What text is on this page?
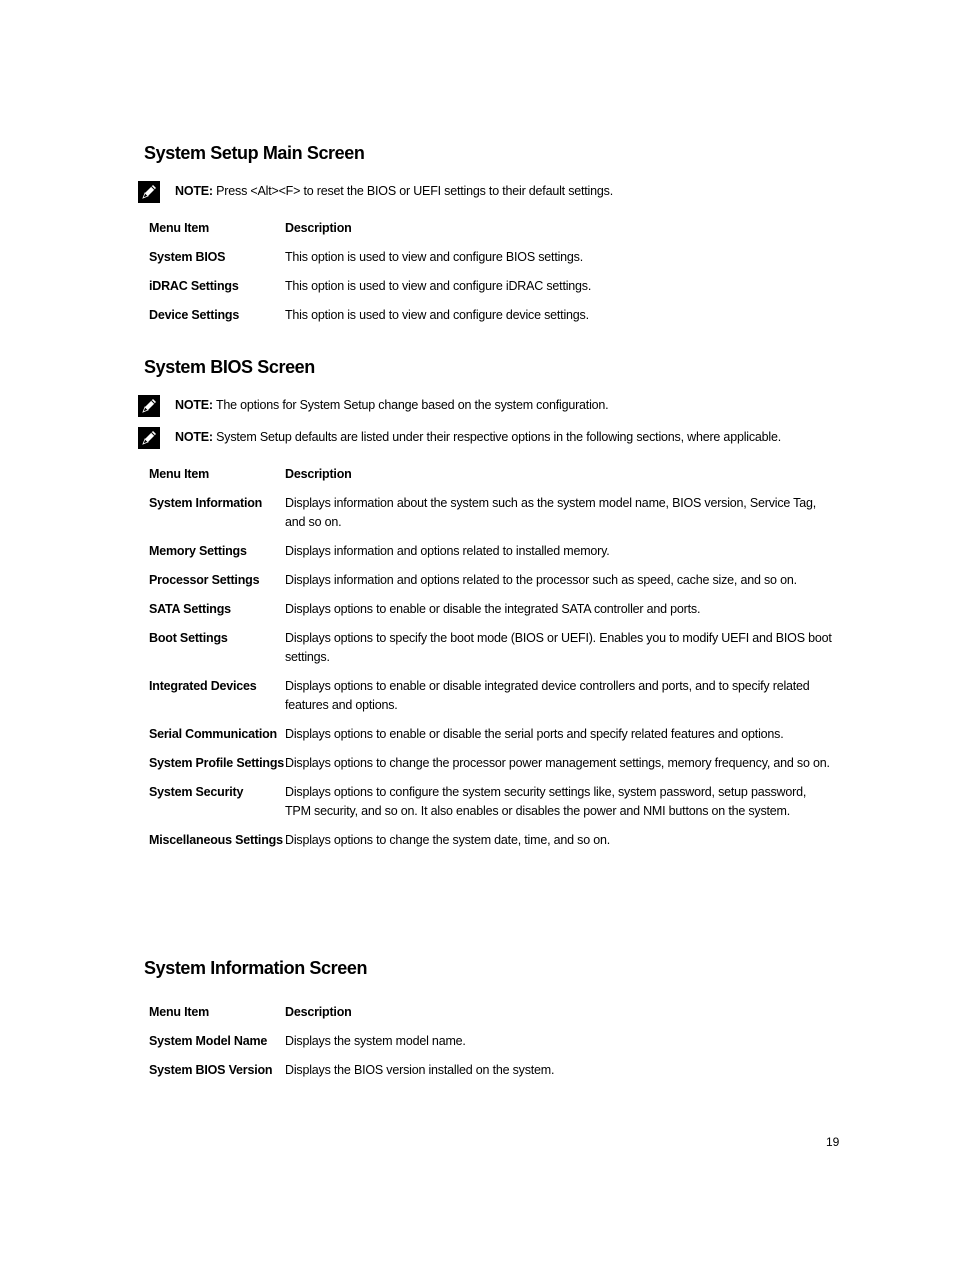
System Setup Main Screen
NOTE: Press <Alt><F> to reset the BIOS or UEFI settings to their default settings.
Menu Item	Description
System BIOS	This option is used to view and configure BIOS settings.
iDRAC Settings	This option is used to view and configure iDRAC settings.
Device Settings	This option is used to view and configure device settings.
System BIOS Screen
NOTE: The options for System Setup change based on the system configuration.
NOTE: System Setup defaults are listed under their respective options in the following sections, where applicable.
Menu Item	Description
System Information	Displays information about the system such as the system model name, BIOS version, Service Tag, and so on.
Memory Settings	Displays information and options related to installed memory.
Processor Settings	Displays information and options related to the processor such as speed, cache size, and so on.
SATA Settings	Displays options to enable or disable the integrated SATA controller and ports.
Boot Settings	Displays options to specify the boot mode (BIOS or UEFI). Enables you to modify UEFI and BIOS boot settings.
Integrated Devices	Displays options to enable or disable integrated device controllers and ports, and to specify related features and options.
Serial Communication	Displays options to enable or disable the serial ports and specify related features and options.
System Profile Settings	Displays options to change the processor power management settings, memory frequency, and so on.
System Security	Displays options to configure the system security settings like, system password, setup password, TPM security, and so on. It also enables or disables the power and NMI buttons on the system.
Miscellaneous Settings	Displays options to change the system date, time, and so on.
System Information Screen
Menu Item	Description
System Model Name	Displays the system model name.
System BIOS Version	Displays the BIOS version installed on the system.
19
